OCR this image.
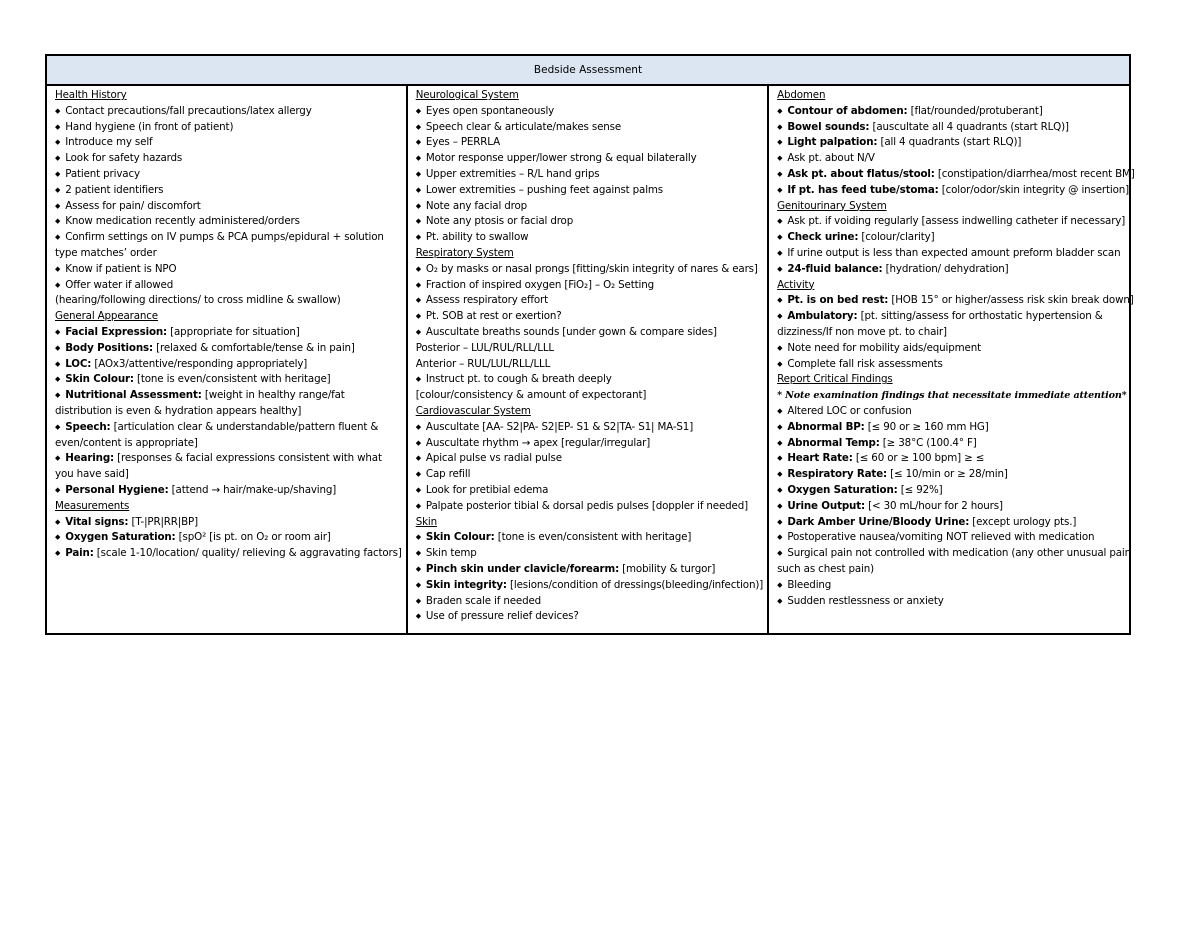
Bedside Assessment

Health History

◆ Contact precautions/fall precautions/latex allergy

◆ Hand hygiene (in front of patient)

◆ Introduce my self

◆ Look for safety hazards

◆ Patient privacy

◆ 2 patient identifiers

◆ Assess for pain/ discomfort

◆ Know medication recently administered/orders

◆ Confirm settings on IV pumps & PCA pumps/epidural + solution type matches’ order

◆ Know if patient is NPO

◆ Offer water if allowed

(hearing/following directions/ to cross midline & swallow)

General Appearance

◆ Facial Expression: [appropriate for situation]

◆ Body Positions: [relaxed & comfortable/tense & in pain]

◆ LOC: [AOx3/attentive/responding appropriately]

◆ Skin Colour: [tone is even/consistent with heritage]

◆ Nutritional Assessment: [weight in healthy range/fat distribution is even & hydration appears healthy]

◆ Speech: [articulation clear & understandable/pattern fluent & even/content is appropriate]

◆ Hearing: [responses & facial expressions consistent with what you have said]

◆ Personal Hygiene: [attend → hair/make-up/shaving]

Measurements

◆ Vital signs: [T-|PR|RR|BP]

◆ Oxygen Saturation: [spO² [is pt. on O₂ or room air]

◆ Pain: [scale 1-10/location/ quality/ relieving & aggravating factors]

Neurological System

◆ Eyes open spontaneously

◆ Speech clear & articulate/makes sense

◆ Eyes – PERRLA

◆ Motor response upper/lower strong & equal bilaterally

◆ Upper extremities – R/L hand grips

◆ Lower extremities – pushing feet against palms

◆ Note any facial drop

◆ Note any ptosis or facial drop

◆ Pt. ability to swallow

Respiratory System

◆ O₂ by masks or nasal prongs [fitting/skin integrity of nares & ears]

◆ Fraction of inspired oxygen [FiO₂] – O₂ Setting

◆ Assess respiratory effort

◆ Pt. SOB at rest or exertion?

◆ Auscultate breaths sounds [under gown & compare sides]

Posterior – LUL/RUL/RLL/LLL

Anterior – RUL/LUL/RLL/LLL

◆ Instruct pt. to cough & breath deeply

[colour/consistency & amount of expectorant]

Cardiovascular System

◆ Auscultate [AA- S2|PA- S2|EP- S1 & S2|TA- S1| MA-S1]

◆ Auscultate rhythm → apex [regular/irregular]

◆ Apical pulse vs radial pulse

◆ Cap refill

◆ Look for pretibial edema

◆ Palpate posterior tibial & dorsal pedis pulses [doppler if needed]

Skin

◆ Skin Colour: [tone is even/consistent with heritage]

◆ Skin temp

◆ Pinch skin under clavicle/forearm: [mobility & turgor]

◆ Skin integrity: [lesions/condition of dressings(bleeding/infection)]

◆ Braden scale if needed

◆ Use of pressure relief devices?

Abdomen

◆ Contour of abdomen: [flat/rounded/protuberant]

◆ Bowel sounds: [auscultate all 4 quadrants (start RLQ)]

◆ Light palpation: [all 4 quadrants (start RLQ)]

◆ Ask pt. about N/V

◆ Ask pt. about flatus/stool: [constipation/diarrhea/most recent BM]

◆ If pt. has feed tube/stoma: [color/odor/skin integrity @ insertion]

Genitourinary System

◆ Ask pt. if voiding regularly [assess indwelling catheter if necessary]

◆ Check urine: [colour/clarity]

◆ If urine output is less than expected amount preform bladder scan

◆ 24-fluid balance: [hydration/ dehydration]

Activity

◆ Pt. is on bed rest: [HOB 15° or higher/assess risk skin break down]

◆ Ambulatory: [pt. sitting/assess for orthostatic hypertension & dizziness/If non move pt. to chair]

◆ Note need for mobility aids/equipment

◆ Complete fall risk assessments

Report Critical Findings

* Note examination findings that necessitate immediate attention*

◆ Altered LOC or confusion

◆ Abnormal BP: [≤ 90 or ≥ 160 mm HG]

◆ Abnormal Temp: [≥ 38°C (100.4° F]

◆ Heart Rate: [≤ 60 or ≥ 100 bpm] ≥ ≤

◆ Respiratory Rate: [≤ 10/min or ≥ 28/min]

◆ Oxygen Saturation: [≤ 92%]

◆ Urine Output: [< 30 mL/hour for 2 hours]

◆ Dark Amber Urine/Bloody Urine: [except urology pts.]

◆ Postoperative nausea/vomiting NOT relieved with medication

◆ Surgical pain not controlled with medication (any other unusual pain such as chest pain)

◆ Bleeding

◆ Sudden restlessness or anxiety
